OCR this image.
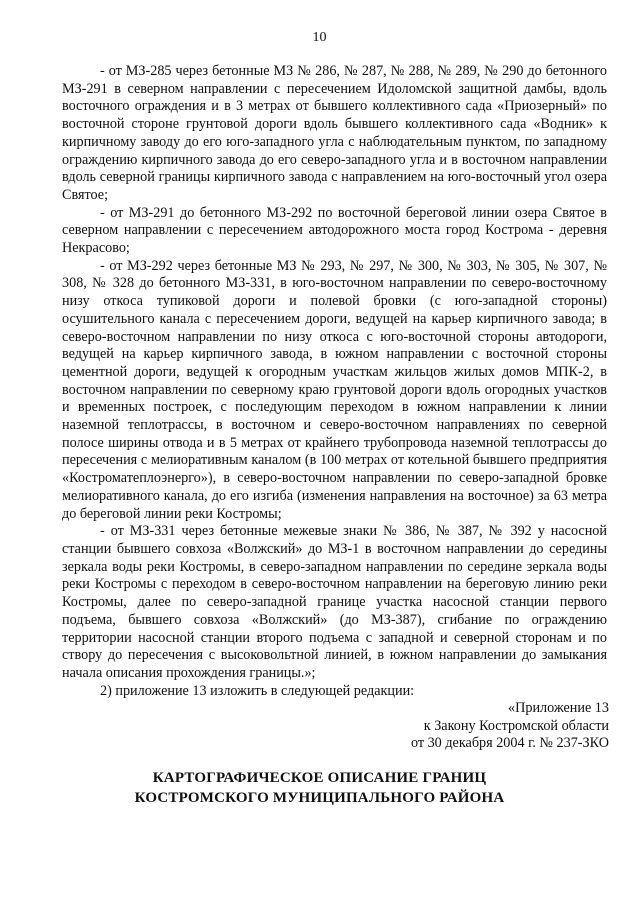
10

- от МЗ-285 через бетонные МЗ № 286, № 287, № 288, № 289, № 290 до бетонного МЗ-291 в северном направлении с пересечением Идоломской защитной дамбы, вдоль восточного ограждения и в 3 метрах от бывшего коллективного сада «Приозерный» по восточной стороне грунтовой дороги вдоль бывшего коллективного сада «Водник» к кирпичному заводу до его юго-западного угла с наблюдательным пунктом, по западному ограждению кирпичного завода до его северо-западного угла и в восточном направлении вдоль северной границы кирпичного завода с направлением на юго-восточный угол озера Святое;

- от МЗ-291 до бетонного МЗ-292 по восточной береговой линии озера Святое в северном направлении с пересечением автодорожного моста город Кострома - деревня Некрасово;

- от МЗ-292 через бетонные МЗ № 293, № 297, № 300, № 303, № 305, № 307, № 308, № 328 до бетонного МЗ-331, в юго-восточном направлении по северо-восточному низу откоса тупиковой дороги и полевой бровки (с юго-западной стороны) осушительного канала с пересечением дороги, ведущей на карьер кирпичного завода; в северо-восточном направлении по низу откоса с юго-восточной стороны автодороги, ведущей на карьер кирпичного завода, в южном направлении с восточной стороны цементной дороги, ведущей к огородным участкам жильцов жилых домов МПК-2, в восточном направлении по северному краю грунтовой дороги вдоль огородных участков и временных построек, с последующим переходом в южном направлении к линии наземной теплотрассы, в восточном и северо-восточном направлениях по северной полосе ширины отвода и в 5 метрах от крайнего трубопровода наземной теплотрассы до пересечения с мелиоративным каналом (в 100 метрах от котельной бывшего предприятия «Костроматеплоэнерго»), в северо-восточном направлении по северо-западной бровке мелиоративного канала, до его изгиба (изменения направления на восточное) за 63 метра до береговой линии реки Костромы;

- от МЗ-331 через бетонные межевые знаки № 386, № 387, № 392 у насосной станции бывшего совхоза «Волжский» до МЗ-1 в восточном направлении до середины зеркала воды реки Костромы, в северо-западном направлении по середине зеркала воды реки Костромы с переходом в северо-восточном направлении на береговую линию реки Костромы, далее по северо-западной границе участка насосной станции первого подъема, бывшего совхоза «Волжский» (до МЗ-387), сгибание по ограждению территории насосной станции второго подъема с западной и северной сторонам и по створу до пересечения с высоковольтной линией, в южном направлении до замыкания начала описания прохождения границы.»;

2) приложение 13 изложить в следующей редакции:

«Приложение 13
к Закону Костромской области
от 30 декабря 2004 г. № 237-ЗКО
КАРТОГРАФИЧЕСКОЕ ОПИСАНИЕ ГРАНИЦ
КОСТРОМСКОГО МУНИЦИПАЛЬНОГО РАЙОНА
